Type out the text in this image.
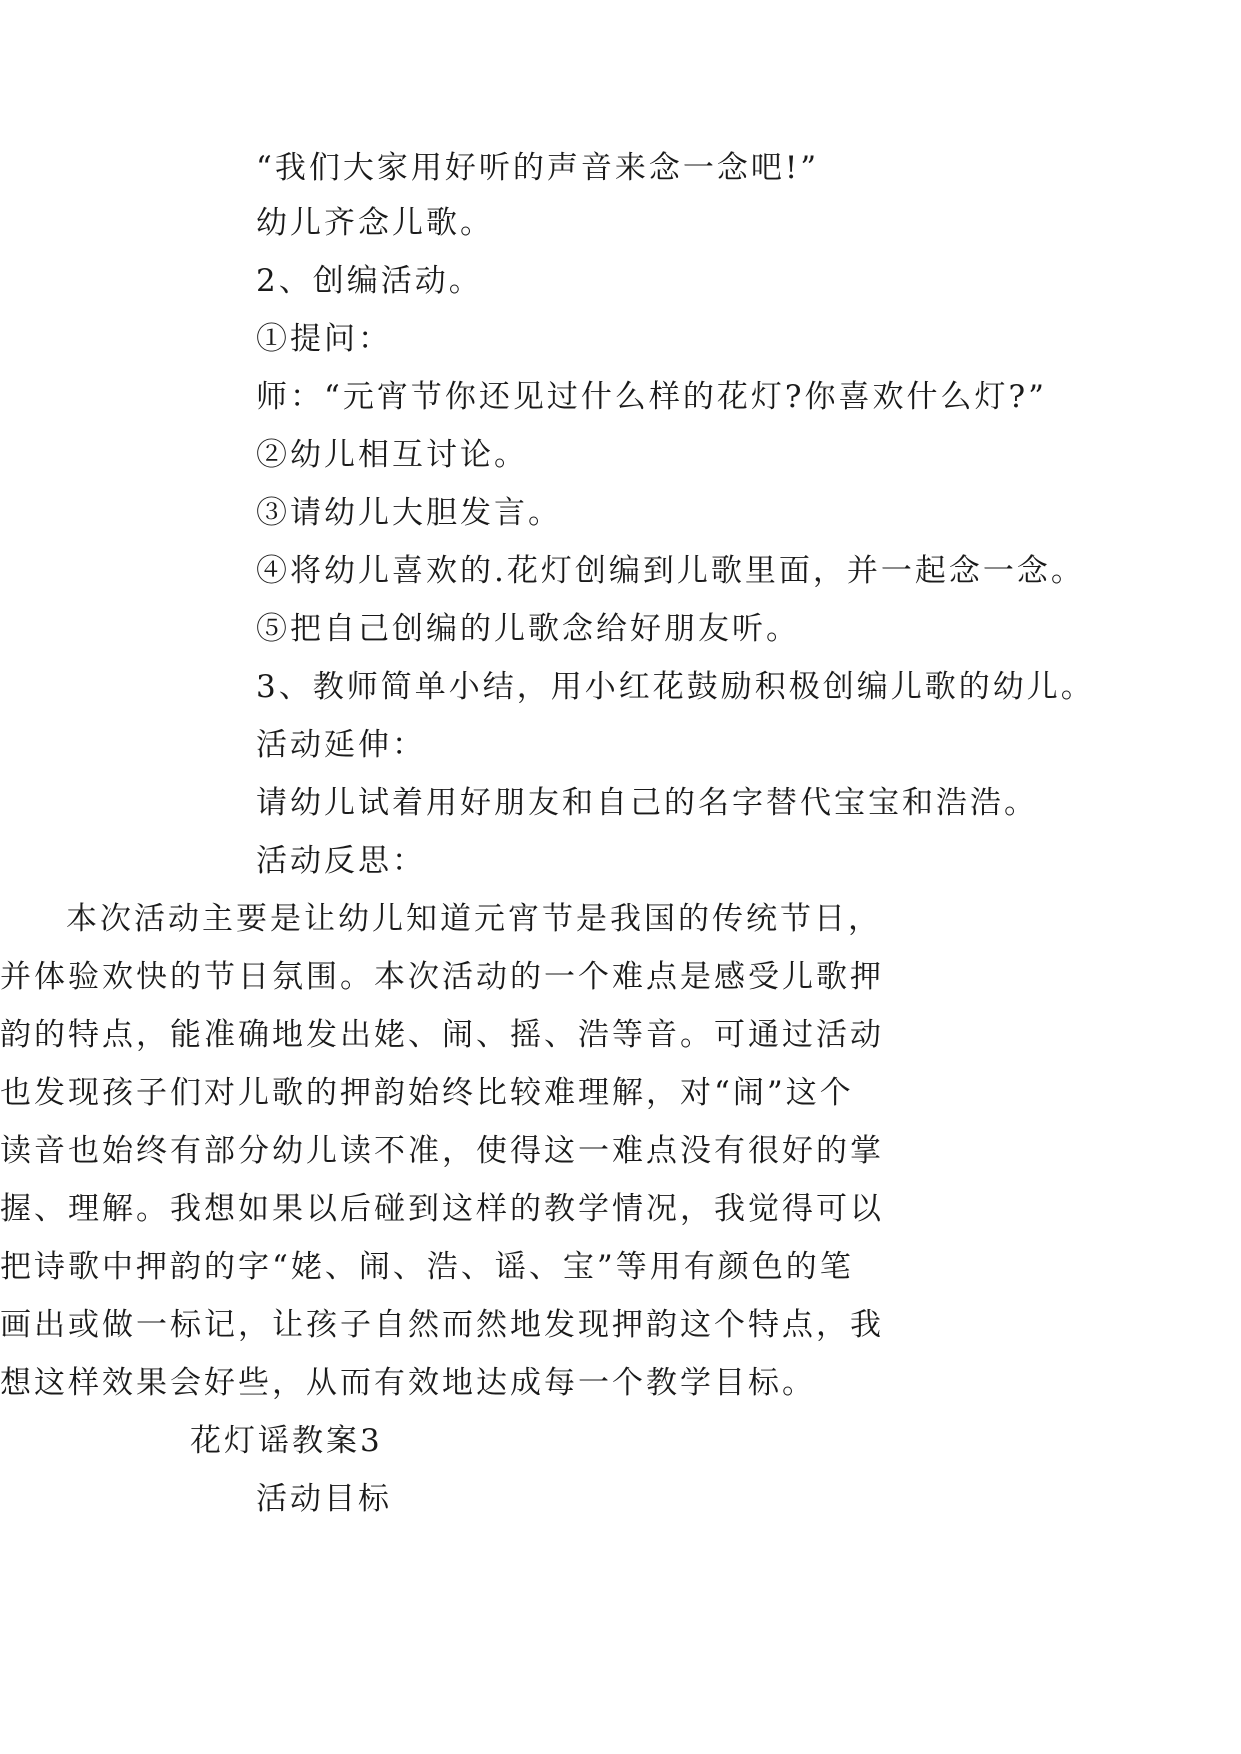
“我们大家用好听的声音来念一念吧!”
幼儿齐念儿歌。
2、创编活动。
①提问：
师：“元宵节你还见过什么样的花灯?你喜欢什么灯?”
②幼儿相互讨论。
③请幼儿大胆发言。
④将幼儿喜欢的.花灯创编到儿歌里面，并一起念一念。
⑤把自己创编的儿歌念给好朋友听。
3、教师简单小结，用小红花鼓励积极创编儿歌的幼儿。
活动延伸：
请幼儿试着用好朋友和自己的名字替代宝宝和浩浩。
活动反思：
本次活动主要是让幼儿知道元宵节是我国的传统节日，
并体验欢快的节日氛围。本次活动的一个难点是感受儿歌押
韵的特点，能准确地发出姥、闹、摇、浩等音。可通过活动
也发现孩子们对儿歌的押韵始终比较难理解，对“闹”这个
读音也始终有部分幼儿读不准，使得这一难点没有很好的掌
握、理解。我想如果以后碰到这样的教学情况，我觉得可以
把诗歌中押韵的字“姥、闹、浩、谣、宝”等用有颜色的笔
画出或做一标记，让孩子自然而然地发现押韵这个特点，我
想这样效果会好些，从而有效地达成每一个教学目标。
花灯谣教案3
活动目标
